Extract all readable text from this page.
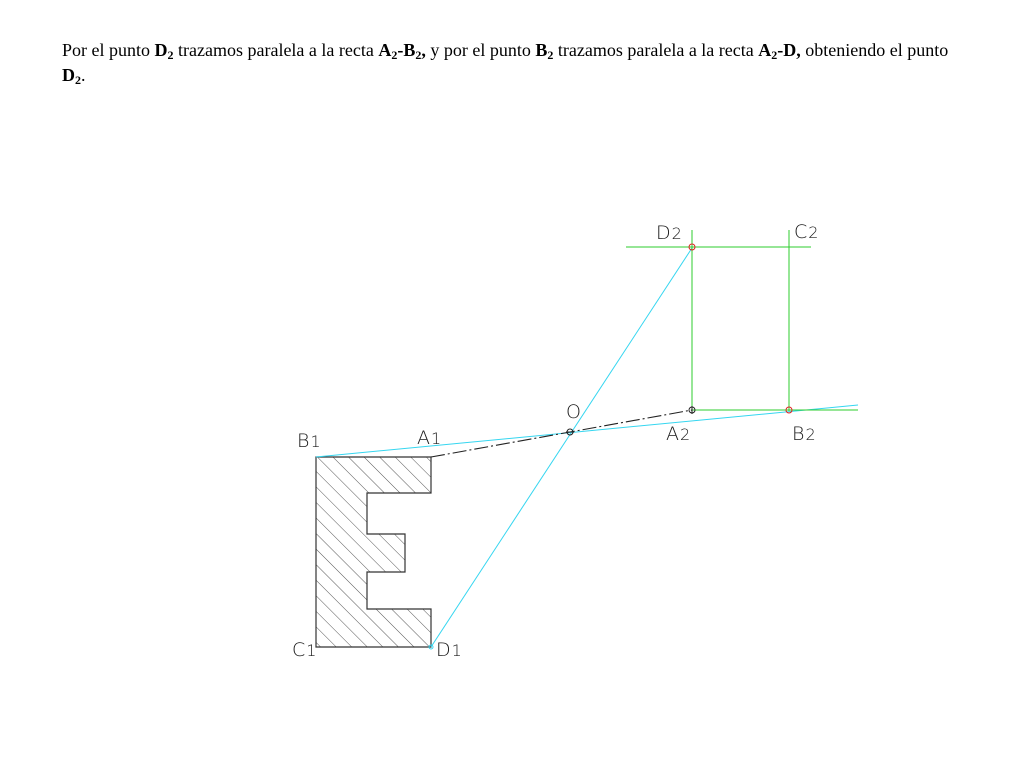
Por el punto $D_2$ trazamos paralela a la recta $A_2-B_2$, y por el punto $B_2$ trazamos paralela a la recta $A_2-D$, obteniendo el punto $D_2$.
B1	A1
O
A2	B2
D2	C2
C1	D1
